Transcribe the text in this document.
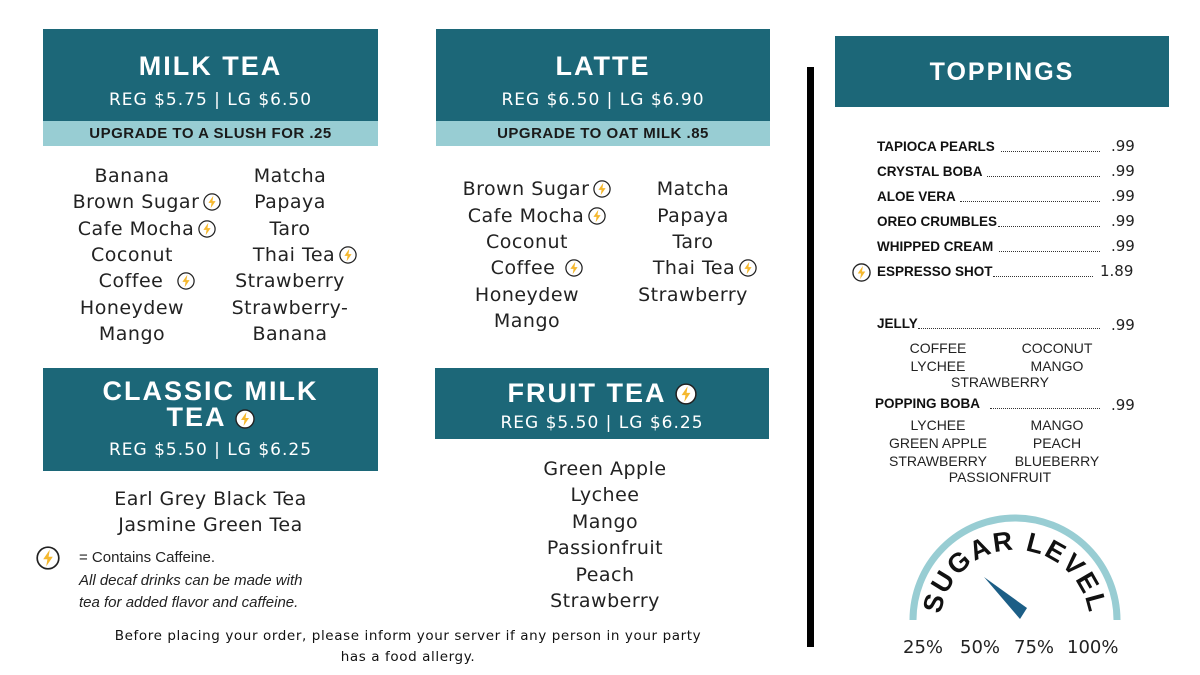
MILK TEA
REG $5.75 | LG $6.50
UPGRADE TO A SLUSH FOR .25
Banana
Brown Sugar
Cafe Mocha
Coconut
Coffee
Honeydew
Mango
Matcha
Papaya
Taro
Thai Tea
Strawberry
Strawberry-
Banana
LATTE
REG $6.50 | LG $6.90
UPGRADE TO OAT MILK .85
Brown Sugar
Cafe Mocha
Coconut
Coffee
Honeydew
Mango
Matcha
Papaya
Taro
Thai Tea
Strawberry
CLASSIC MILK
TEA
REG $5.50 | LG $6.25
Earl Grey Black Tea
Jasmine Green Tea
FRUIT TEA
REG $5.50 | LG $6.25
Green Apple
Lychee
Mango
Passionfruit
Peach
Strawberry
= Contains Caffeine.
All decaf drinks can be made with
tea for added flavor and caffeine.
Before placing your order, please inform your server if any person in your party
has a food allergy.
TOPPINGS
TAPIOCA PEARLS	.99
CRYSTAL BOBA	.99
ALOE VERA	.99
OREO CRUMBLES	.99
WHIPPED CREAM	.99
ESPRESSO SHOT	1.89
JELLY	.99
COFFEE	COCONUT
LYCHEE	MANGO
STRAWBERRY
POPPING BOBA	.99
LYCHEE	MANGO
GREEN APPLE	PEACH
STRAWBERRY	BLUEBERRY
PASSIONFRUIT
SUGAR LEVEL
25% 50% 75% 100%
